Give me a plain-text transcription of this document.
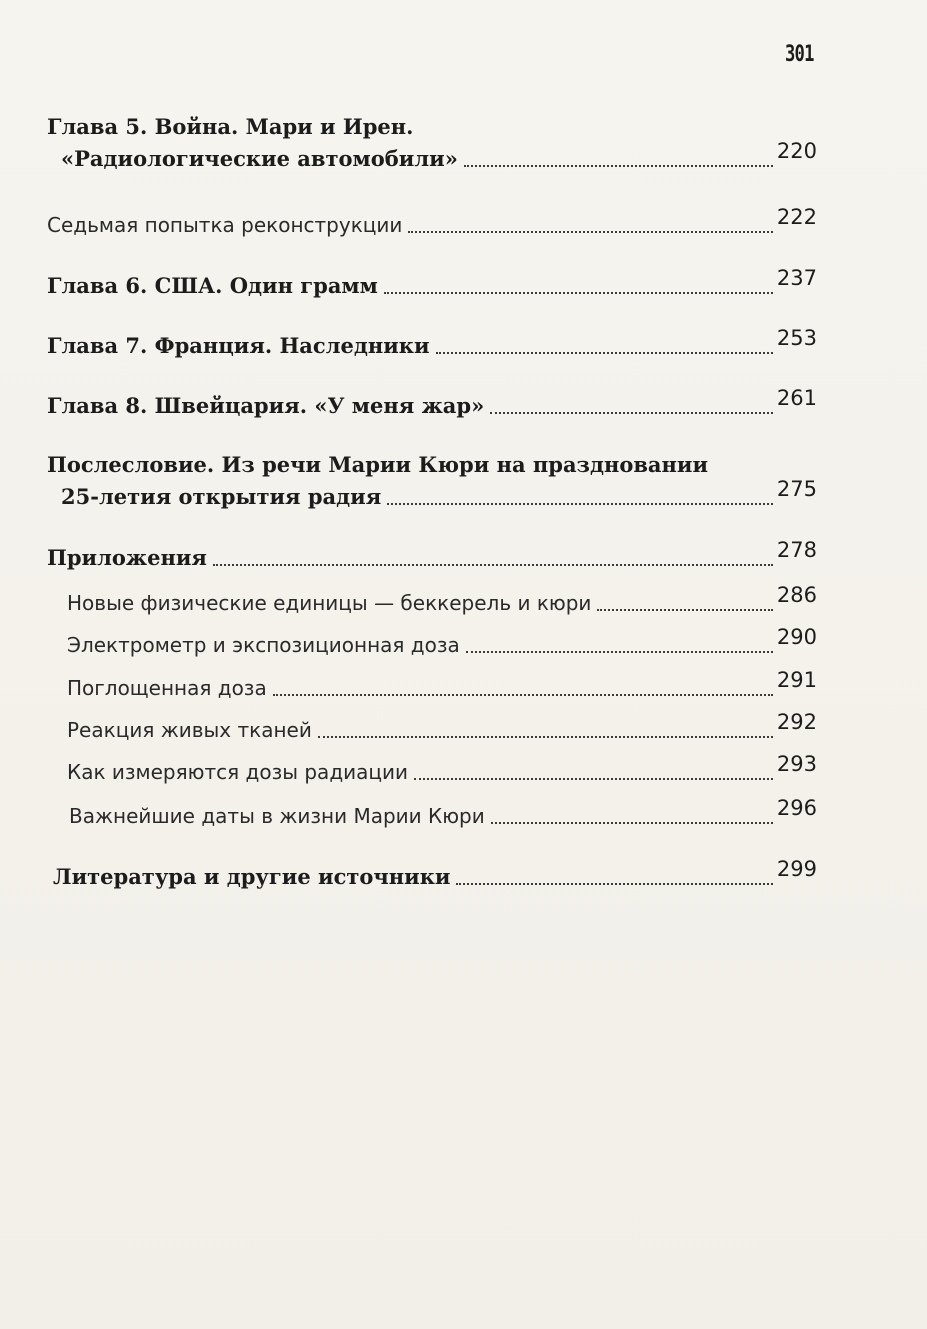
301
Глава 5. Война. Мари и Ирен.
«Радиологические автомобили»	220
Седьмая попытка реконструкции	222
Глава 6. США. Один грамм	237
Глава 7. Франция. Наследники	253
Глава 8. Швейцария. «У меня жар»	261
Послесловие. Из речи Марии Кюри на праздновании
25-летия открытия радия	275
Приложения	278
Новые физические единицы — беккерель и кюри	286
Электрометр и экспозиционная доза	290
Поглощенная доза	291
Реакция живых тканей	292
Как измеряются дозы радиации	293
Важнейшие даты в жизни Марии Кюри	296
Литература и другие источники	299
